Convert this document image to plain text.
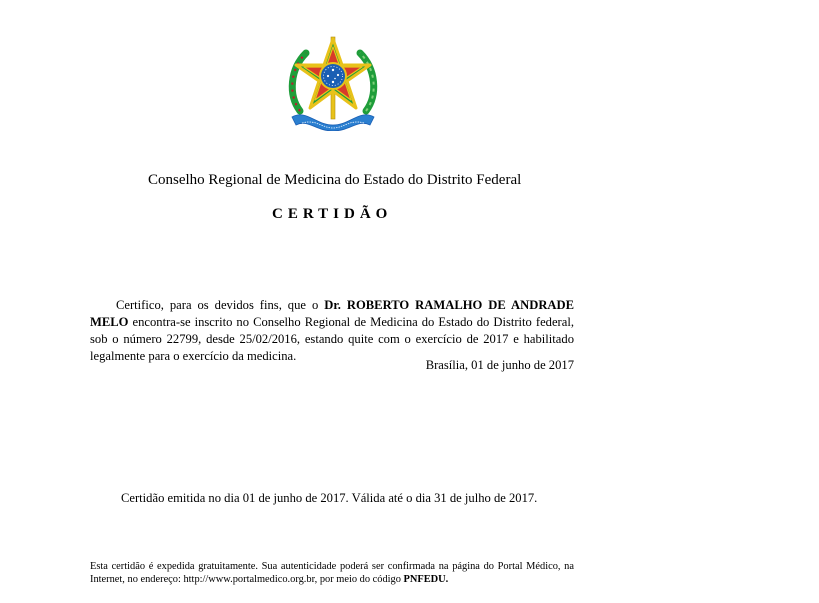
Conselho Regional de Medicina do Estado do Distrito Federal
CERTIDÃO

Certifico, para os devidos fins, que o Dr. ROBERTO RAMALHO DE ANDRADE MELO encontra-se inscrito no Conselho Regional de Medicina do Estado do Distrito federal, sob o número 22799, desde 25/02/2016, estando quite com o exercício de 2017 e habilitado legalmente para o exercício da medicina.

Brasília, 01 de junho de 2017
Certidão emitida no dia 01 de junho de 2017. Válida até o dia 31 de julho de 2017.

Esta certidão é expedida gratuitamente. Sua autenticidade poderá ser confirmada na página do Portal Médico, na Internet, no endereço: http://www.portalmedico.org.br, por meio do código PNFEDU.
